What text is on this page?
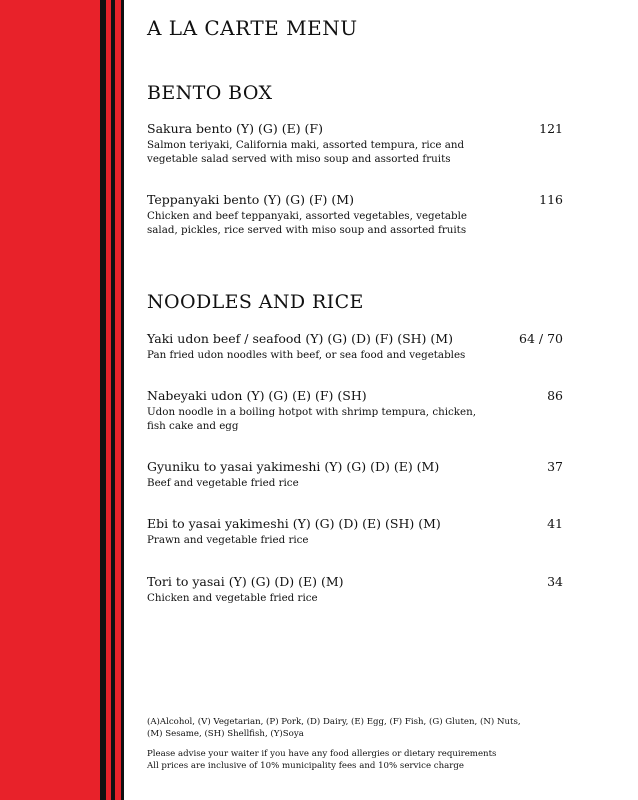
A LA CARTE MENU
BENTO BOX
Sakura bento (Y) (G) (E) (F)	121
Salmon teriyaki, California maki, assorted tempura, rice and vegetable salad served with miso soup and assorted fruits
Teppanyaki bento (Y) (G) (F) (M)	116
Chicken and beef teppanyaki, assorted vegetables, vegetable salad, pickles, rice served with miso soup and assorted fruits
NOODLES AND RICE
Yaki udon beef / seafood (Y) (G) (D) (F) (SH) (M)	64 / 70
Pan fried udon noodles with beef, or sea food and vegetables
Nabeyaki udon (Y) (G) (E) (F) (SH)	86
Udon noodle in a boiling hotpot with shrimp tempura, chicken, fish cake and egg
Gyuniku to yasai yakimeshi (Y) (G) (D) (E) (M)	37
Beef and vegetable fried rice
Ebi to yasai yakimeshi (Y) (G) (D) (E) (SH) (M)	41
Prawn and vegetable fried rice
Tori to yasai (Y) (G) (D) (E) (M)	34
Chicken and vegetable fried rice

(A)Alcohol, (V) Vegetarian, (P) Pork, (D) Dairy, (E) Egg, (F) Fish, (G) Gluten, (N) Nuts,

(M) Sesame, (SH) Shellfish, (Y)Soya

Please advise your waiter if you have any food allergies or dietary requirements

All prices are inclusive of 10% municipality fees and 10% service charge
